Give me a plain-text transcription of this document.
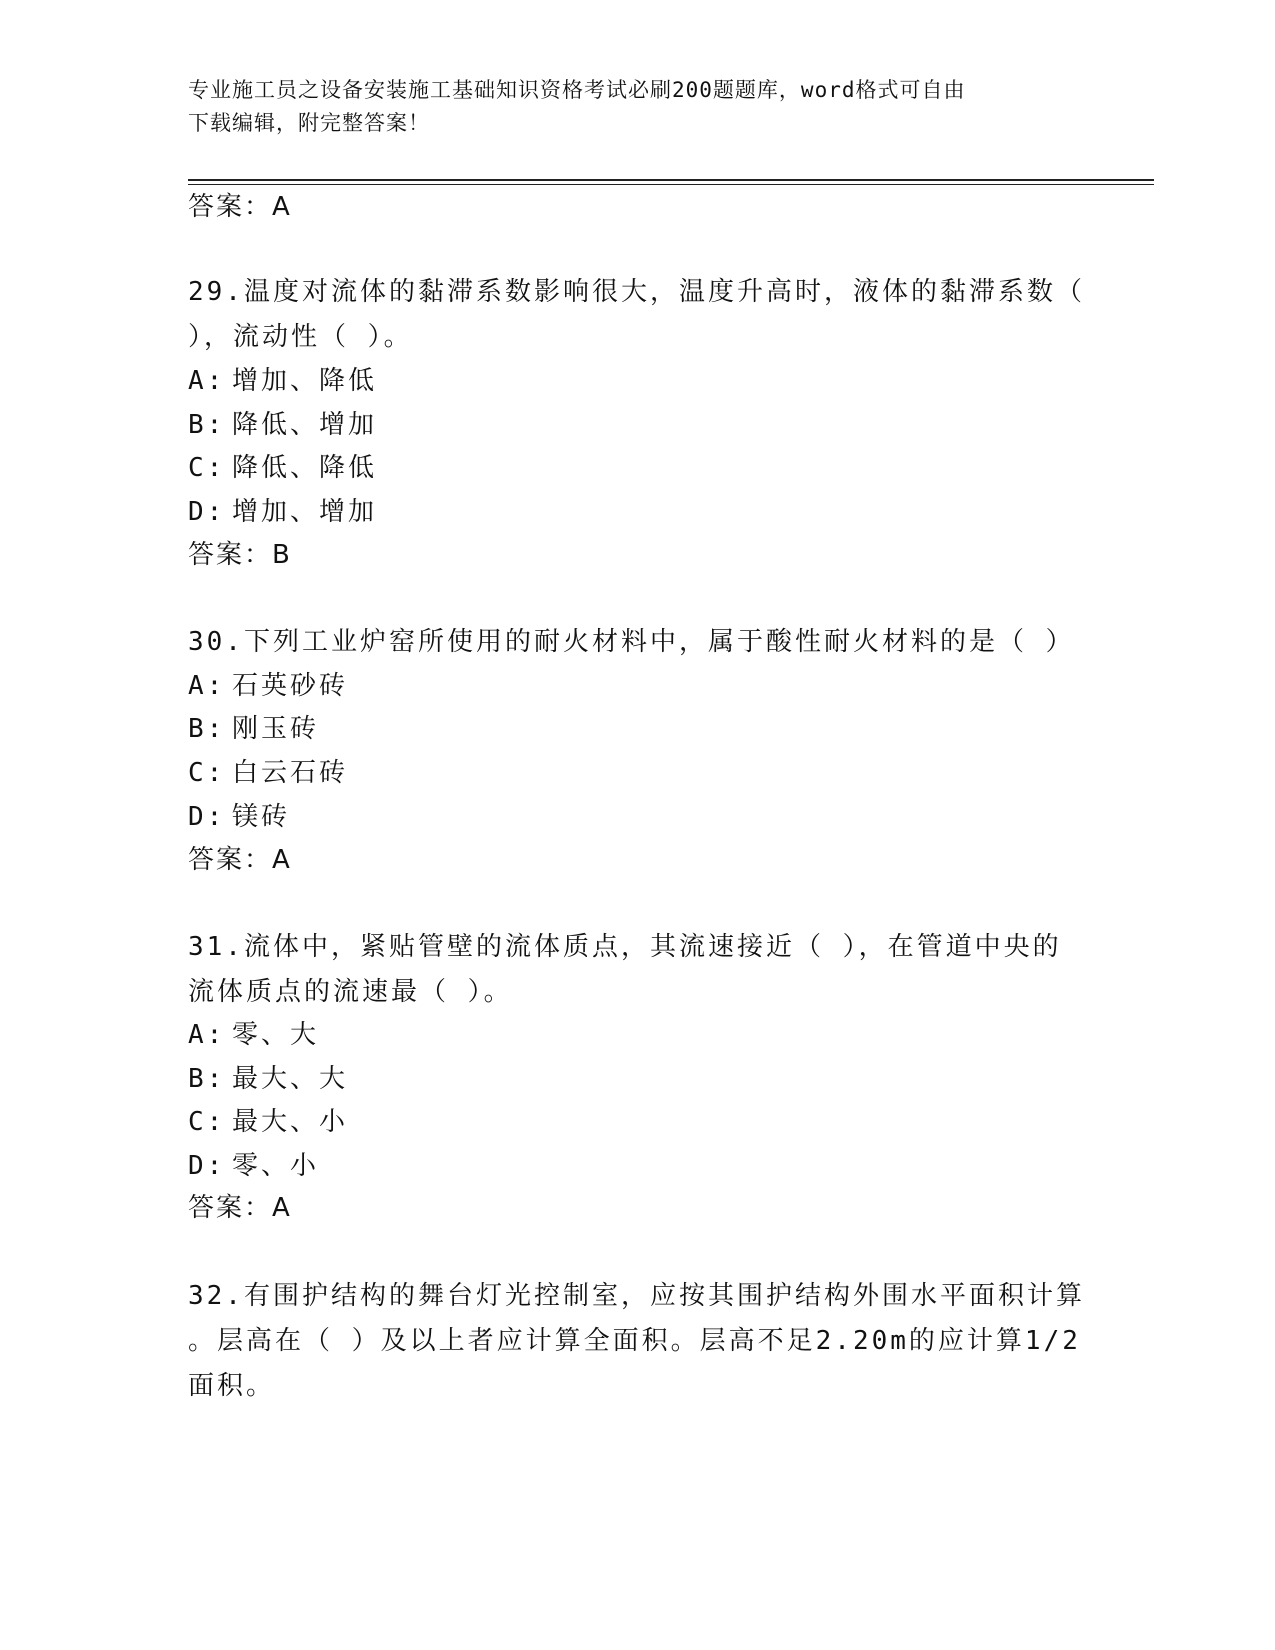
专业施工员之设备安装施工基础知识资格考试必刷200题题库，word格式可自由
下载编辑，附完整答案！
答案：A
29.温度对流体的黏滞系数影响很大，温度升高时，液体的黏滞系数（
），流动性（ ）。
A: 增加、降低
B: 降低、增加
C: 降低、降低
D: 增加、增加
答案：B
30.下列工业炉窑所使用的耐火材料中，属于酸性耐火材料的是（ ）
A: 石英砂砖
B: 刚玉砖
C: 白云石砖
D: 镁砖
答案：A
31.流体中，紧贴管壁的流体质点，其流速接近（ ），在管道中央的
流体质点的流速最（ ）。
A: 零、大
B: 最大、大
C: 最大、小
D: 零、小
答案：A
32.有围护结构的舞台灯光控制室，应按其围护结构外围水平面积计算
。层高在（ ）及以上者应计算全面积。层高不足2.20m的应计算1/2
面积。
